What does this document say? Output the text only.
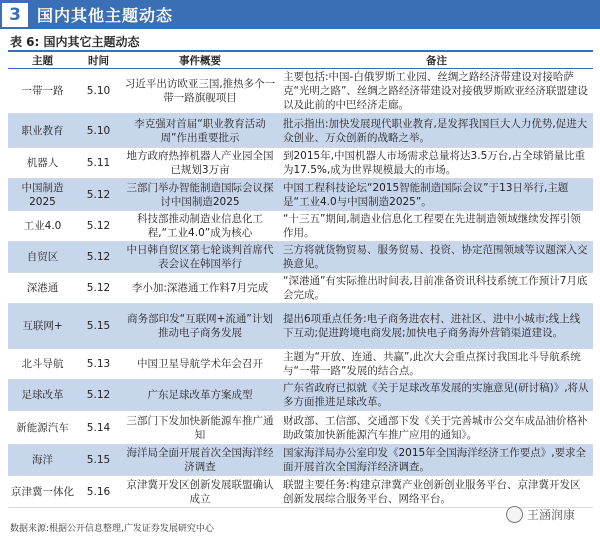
3	国内其他主题动态
表 6: 国内其它主题动态
主题	时间	事件概要	备注
一带一路	5.10	习近平出访欧亚三国,推热多个一带一路旗舰项目	主要包括:中国-白俄罗斯工业园、丝绸之路经济带建设对接哈萨克“光明之路”、丝绸之路经济带建设对接俄罗斯欧亚经济联盟建设以及此前的中巴经济走廊。
职业教育	5.10	李克强对首届“职业教育活动周”作出重要批示	批示指出:加快发展现代职业教育,是发挥我国巨大人力优势,促进大众创业、万众创新的战略之举。
机器人	5.11	地方政府热捧机器人产业园全国已规划3万亩	到2015年,中国机器人市场需求总量将达3.5万台,占全球销量比重为17.5%,成为世界规模最大的市场。
中国制造2025	5.12	三部门举办智能制造国际会议探讨中国制造2025	中国工程科技论坛“2015智能制造国际会议”于13日举行,主题是“工业4.0与中国制造2025”。
工业4.0	5.12	科技部推动制造业信息化工程,“工业4.0”成为核心	“十三五”期间,制造业信息化工程要在先进制造领域继续发挥引领作用。
自贸区	5.12	中日韩自贸区第七轮谈判首席代表会议在韩国举行	三方将就货物贸易、服务贸易、投资、协定范围领域等议题深入交换意见。
深港通	5.12	李小加:深港通工作料7月完成	“深港通”有实际推出时间表,目前准备资讯科技系统工作预计7月底会完成。
互联网+	5.15	商务部印发“互联网+流通”计划推动电子商务发展	提出6项重点任务:电子商务进农村、进社区、进中小城市;线上线下互动;促进跨境电商发展;加快电子商务海外营销渠道建设。
北斗导航	5.13	中国卫星导航学术年会召开	主题为“开放、连通、共赢”,此次大会重点探讨我国北斗导航系统与“一带一路”发展的结合点。
足球改革	5.12	广东足球改革方案成型	广东省政府已拟就《关于足球改革发展的实施意见(研讨稿)》,将从多方面推进足球改革。
新能源汽车	5.14	三部门下发加快新能源车推广通知	财政部、工信部、交通部下发《关于完善城市公交车成品油价格补助政策加快新能源汽车推广应用的通知》。
海洋	5.15	海洋局全面开展首次全国海洋经济调查	国家海洋局办公室印发《2015年全国海洋经济工作要点》,要求全面开展首次全国海洋经济调查。
京津冀一体化	5.16	京津冀开发区创新发展联盟确认成立	联盟主要任务:构建京津冀产业创新创业服务平台、京津冀开发区创新发展综合服务平台、网络平台。
数据来源:根据公开信息整理,广发证券发展研究中心
王涵润康
